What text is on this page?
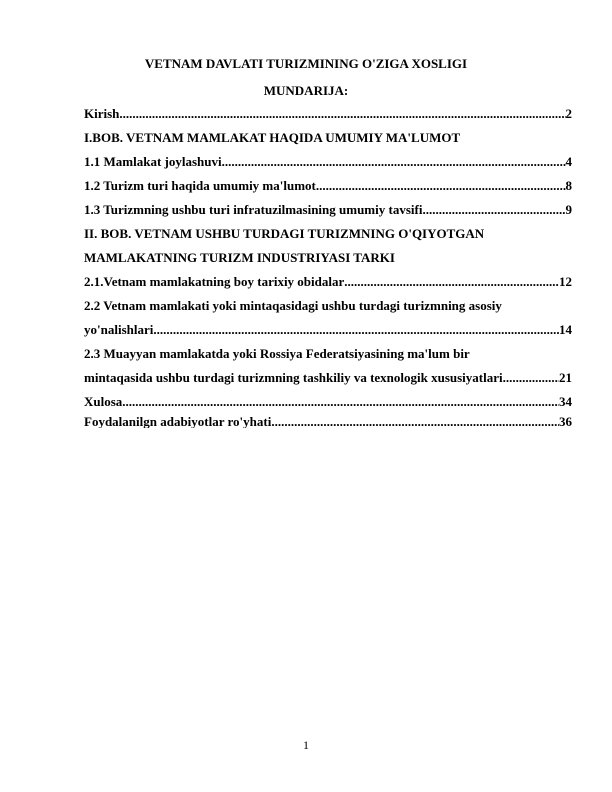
VETNAM DAVLATI TURIZMINING O'ZIGA XOSLIGI
MUNDARIJA:
Kirish .....	2
I.BOB. VETNAM MAMLAKAT HAQIDA UMUMIY MA'LUMOT
1.1 Mamlakat joylashuvi .....	4
1.2 Turizm turi haqida umumiy ma'lumot .....	8
1.3 Turizmning ushbu turi infratuzilmasining umumiy tavsifi .....	9
II. BOB. VETNAM USHBU TURDAGI TURIZMNING O'QIYOTGAN
MAMLAKATNING TURIZM INDUSTRIYASI TARKI
2.1.Vetnam mamlakatning boy tarixiy obidalar .....	12
2.2 Vetnam mamlakati yoki mintaqasidagi ushbu turdagi turizmning asosiy
yo'nalishlari .....	14
2.3 Muayyan mamlakatda yoki Rossiya Federatsiyasining ma'lum bir
mintaqasida ushbu turdagi turizmning tashkiliy va texnologik xususiyatlari .....	21
Xulosa .....	34
Foydalanilgn adabiyotlar ro'yhati .....	36
1
